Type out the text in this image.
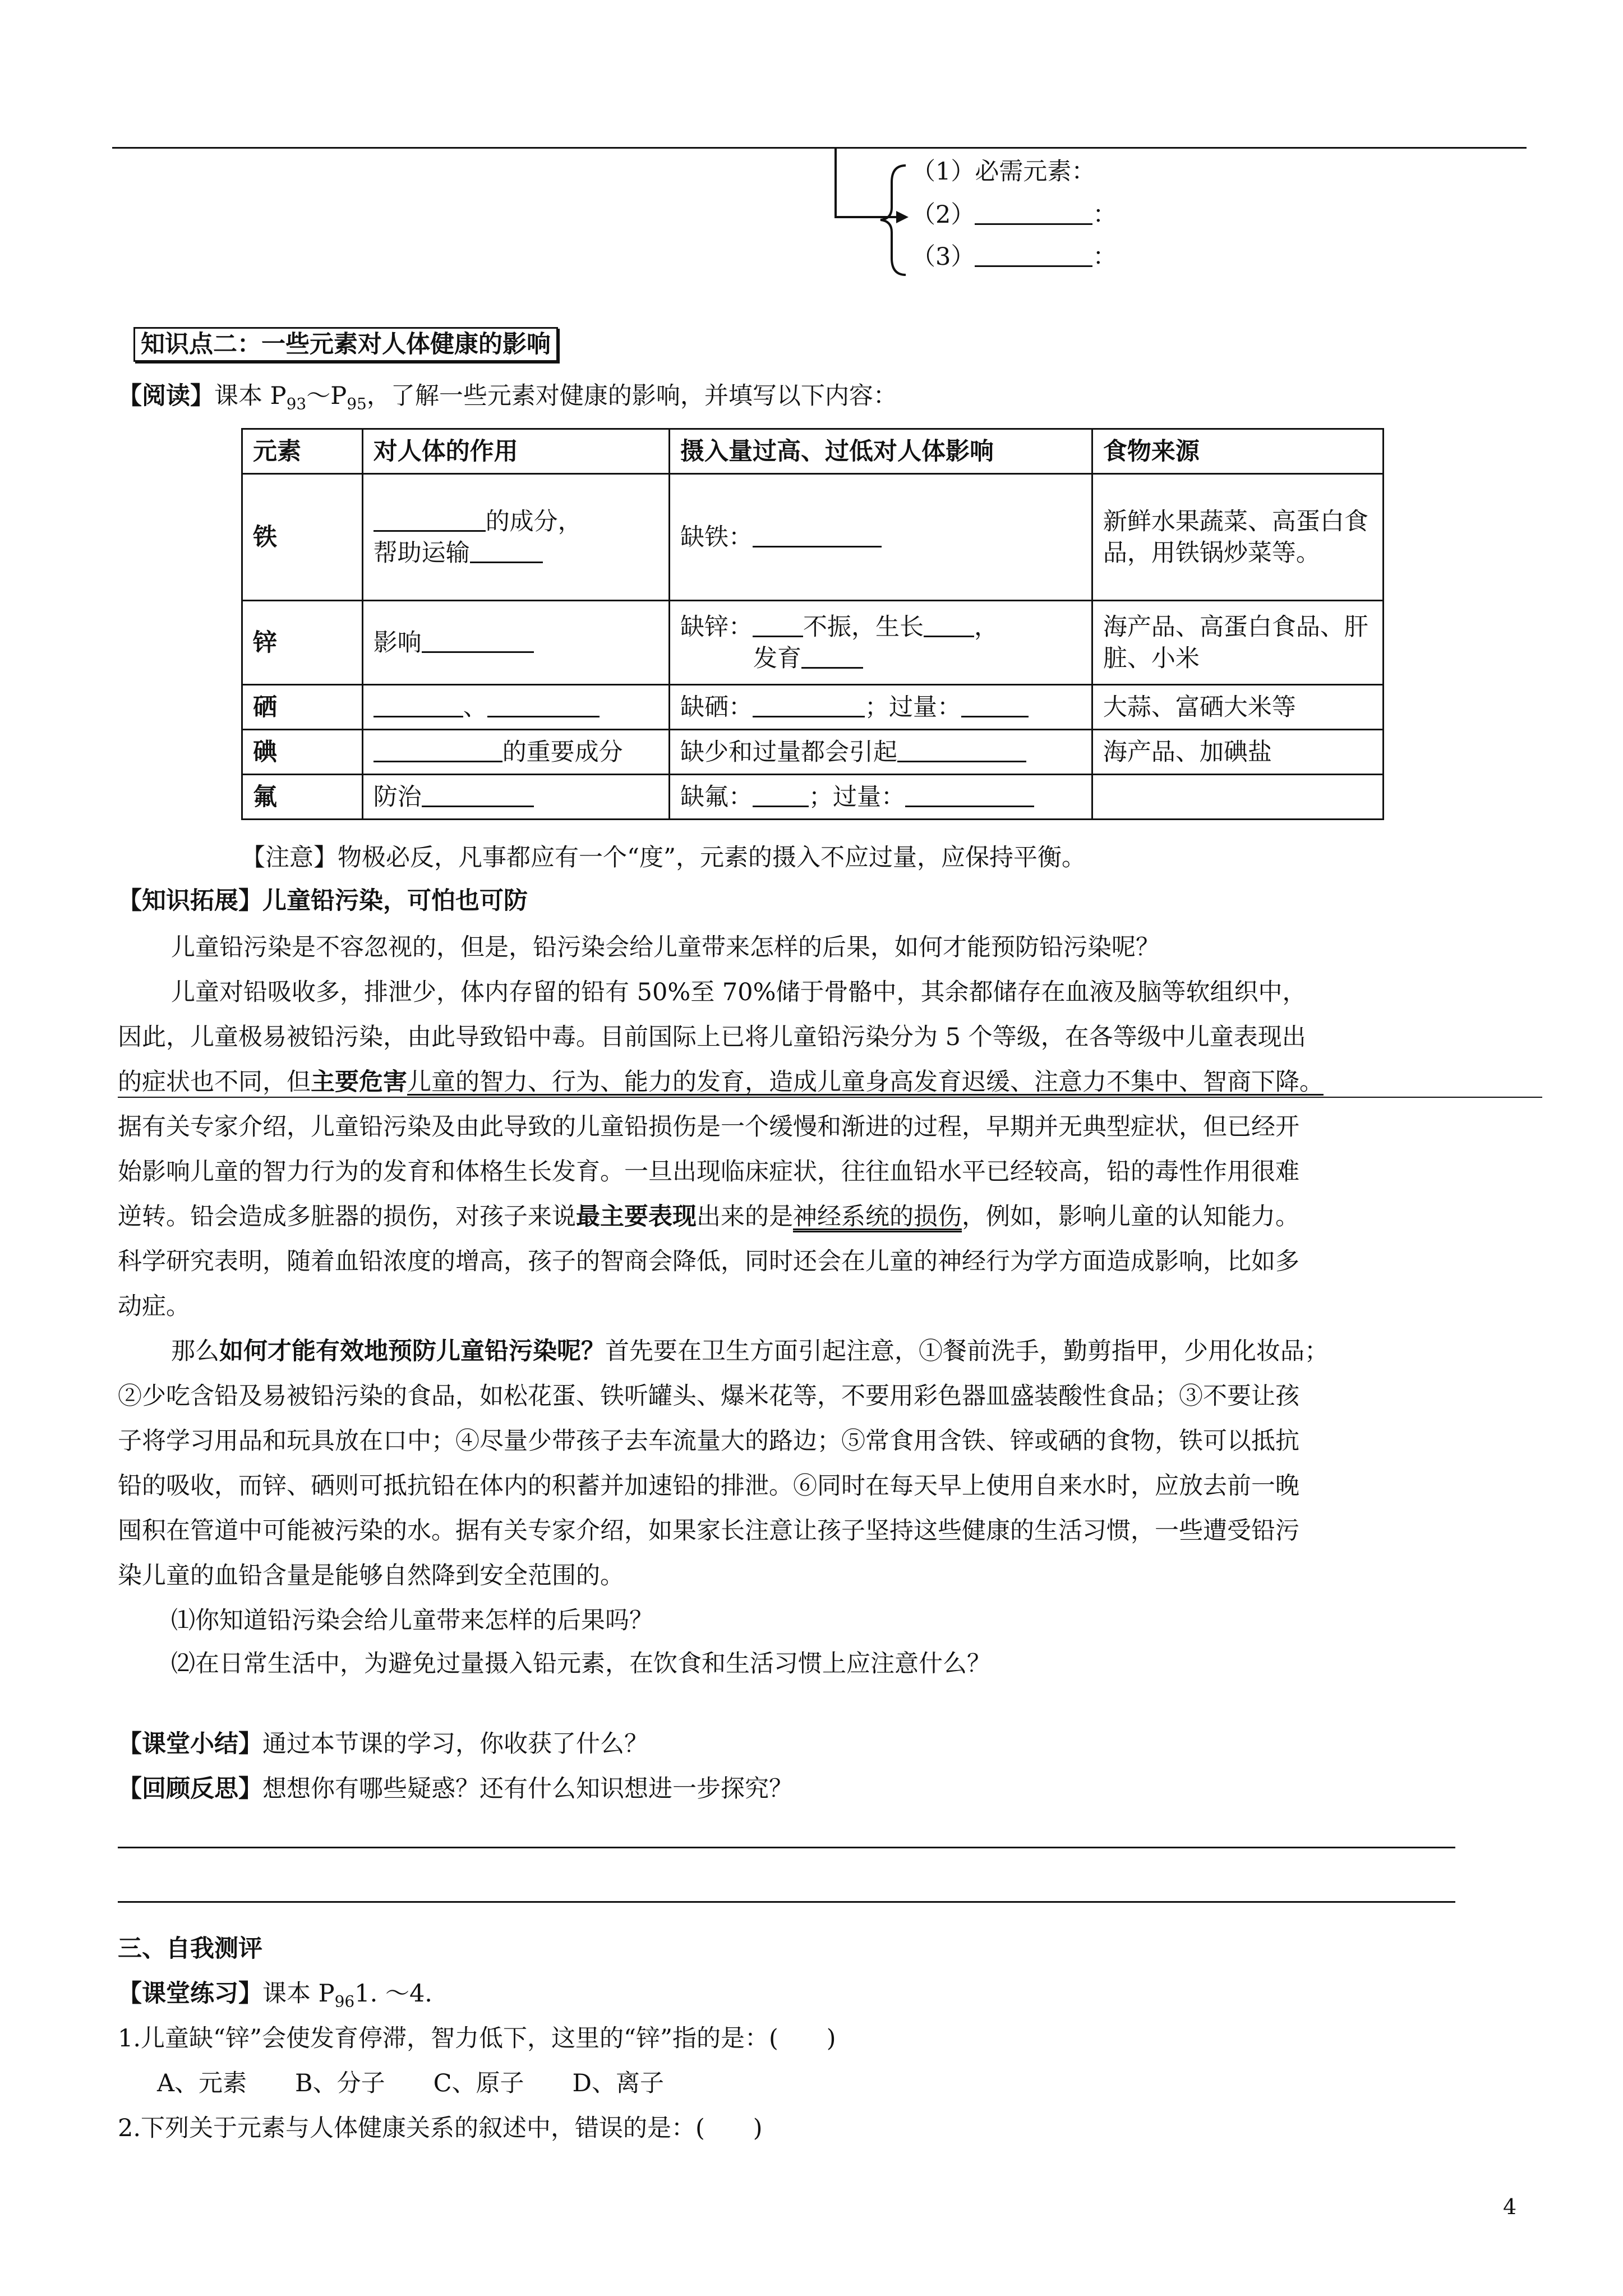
（1）必需元素：
（2）	：
（3）	：
知识点二：一些元素对人体健康的影响
【阅读】课本 $P_{93}\sim P_{95}$，了解一些元素对健康的影响，并填写以下内容：
元素	对人体的作用	摄入量过高、过低对人体影响	食物来源
铁	的成分，
帮助运输	缺铁：	新鲜水果蔬菜、高蛋白食品，用铁锅炒菜等。
锌	影响	缺锌： 不振，生长 ，
发育	海产品、高蛋白食品、肝脏、小米
硒	、	缺硒： ；过量：	大蒜、富硒大米等
碘	的重要成分	缺少和过量都会引起	海产品、加碘盐
氟	防治	缺氟： ；过量：	
【注意】物极必反，凡事都应有一个“度”，元素的摄入不应过量，应保持平衡。
【知识拓展】儿童铅污染，可怕也可防
儿童铅污染是不容忽视的，但是，铅污染会给儿童带来怎样的后果，如何才能预防铅污染呢？
儿童对铅吸收多，排泄少，体内存留的铅有 50%至 70%储于骨骼中，其余都储存在血液及脑等软组织中，
因此，儿童极易被铅污染，由此导致铅中毒。目前国际上已将儿童铅污染分为 5 个等级，在各等级中儿童表现出
的症状也不同，但主要危害儿童的智力、行为、能力的发育，造成儿童身高发育迟缓、注意力不集中、智商下降。
据有关专家介绍，儿童铅污染及由此导致的儿童铅损伤是一个缓慢和渐进的过程，早期并无典型症状，但已经开
始影响儿童的智力行为的发育和体格生长发育。一旦出现临床症状，往往血铅水平已经较高，铅的毒性作用很难
逆转。铅会造成多脏器的损伤，对孩子来说最主要表现出来的是神经系统的损伤，例如，影响儿童的认知能力。
科学研究表明，随着血铅浓度的增高，孩子的智商会降低，同时还会在儿童的神经行为学方面造成影响，比如多
动症。
那么如何才能有效地预防儿童铅污染呢？首先要在卫生方面引起注意，①餐前洗手，勤剪指甲，少用化妆品；
②少吃含铅及易被铅污染的食品，如松花蛋、铁听罐头、爆米花等，不要用彩色器皿盛装酸性食品；③不要让孩
子将学习用品和玩具放在口中；④尽量少带孩子去车流量大的路边；⑤常食用含铁、锌或硒的食物，铁可以抵抗
铅的吸收，而锌、硒则可抵抗铅在体内的积蓄并加速铅的排泄。⑥同时在每天早上使用自来水时，应放去前一晚
囤积在管道中可能被污染的水。据有关专家介绍，如果家长注意让孩子坚持这些健康的生活习惯，一些遭受铅污
染儿童的血铅含量是能够自然降到安全范围的。
⑴你知道铅污染会给儿童带来怎样的后果吗？
⑵在日常生活中，为避免过量摄入铅元素，在饮食和生活习惯上应注意什么？
【课堂小结】通过本节课的学习，你收获了什么？
【回顾反思】想想你有哪些疑惑？还有什么知识想进一步探究？
三、自我测评
【课堂练习】课本 $P_{96}1$. ～4.
1.儿童缺“锌”会使发育停滞，智力低下，这里的“锌”指的是：(　　)
A、元素　　B、分子　　C、原子　　D、离子
2.下列关于元素与人体健康关系的叙述中，错误的是：(　　)
4
